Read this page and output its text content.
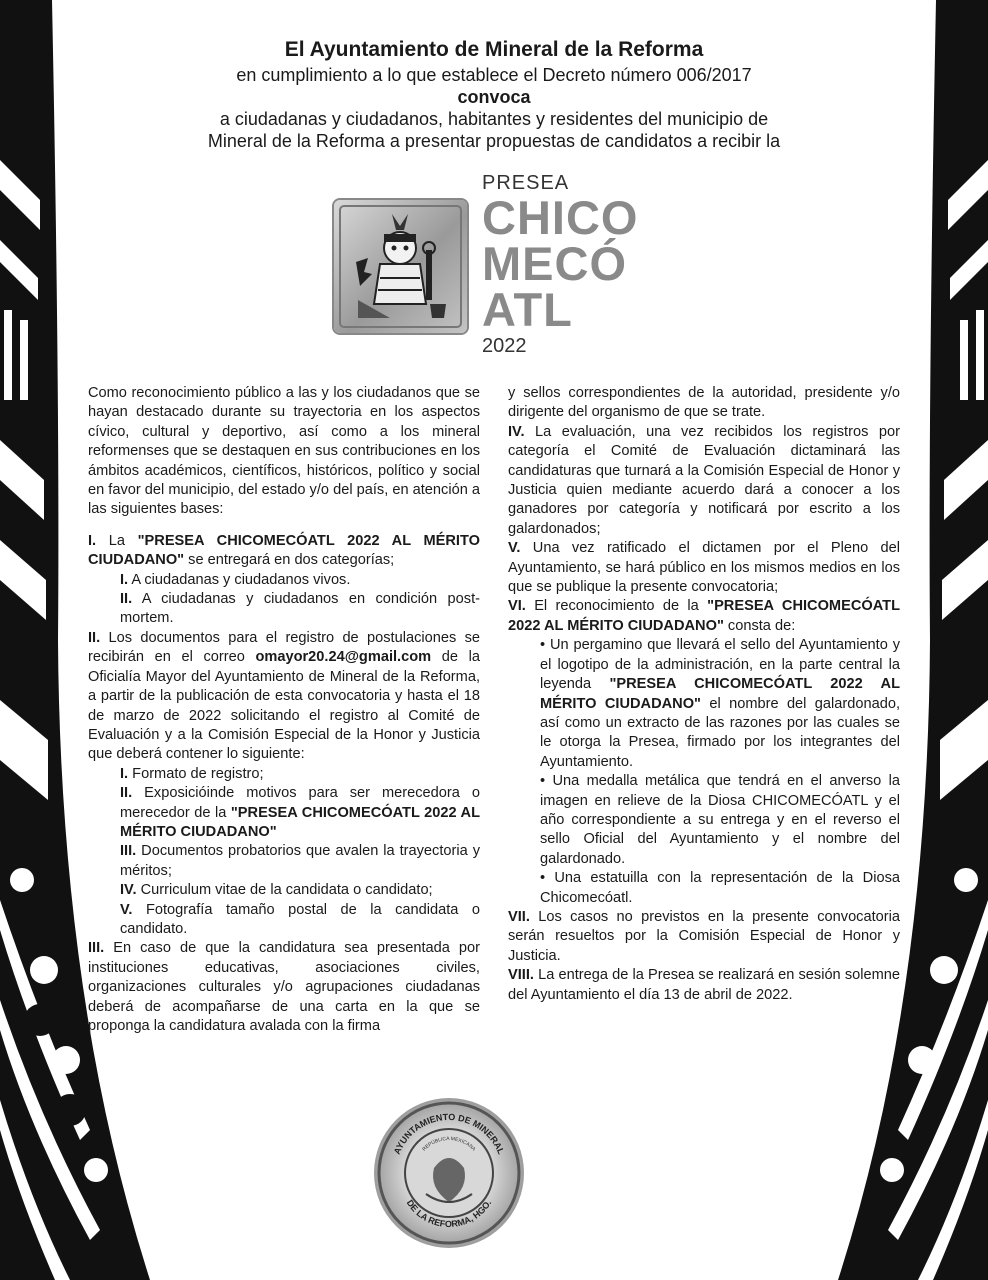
El Ayuntamiento de Mineral de la Reforma
en cumplimiento a lo que establece el Decreto número 006/2017
convoca
a ciudadanas y ciudadanos, habitantes y residentes del municipio de
Mineral de la Reforma a presentar propuestas de candidatos a recibir la
PRESEA
CHICO
MECÓ
ATL
2022

Como reconocimiento público a las y los ciudadanos que se hayan destacado durante su trayectoria en los aspectos cívico, cultural y deportivo, así como a los mineral reformenses que se destaquen en sus contribuciones en los ámbitos académicos, científicos, históricos, político y social en favor del municipio, del estado y/o del país, en atención a las siguientes bases:

I. La "PRESEA CHICOMECÓATL 2022 AL MÉRITO CIUDADANO" se entregará en dos categorías;

I. A ciudadanas y ciudadanos vivos.

II. A ciudadanas y ciudadanos en condición post-mortem.

II. Los documentos para el registro de postulaciones se recibirán en el correo omayor20.24@gmail.com de la Oficialía Mayor del Ayuntamiento de Mineral de la Reforma, a partir de la publicación de esta convocatoria y hasta el 18 de marzo de 2022 solicitando el registro al Comité de Evaluación y a la Comisión Especial de la Honor y Justicia que deberá contener lo siguiente:

I. Formato de registro;

II. Exposicióinde motivos para ser merecedora o merecedor de la "PRESEA CHICOMECÓATL 2022 AL MÉRITO CIUDADANO"

III. Documentos probatorios que avalen la trayectoria y méritos;

IV. Curriculum vitae de la candidata o candidato;

V. Fotografía tamaño postal de la candidata o candidato.

III. En caso de que la candidatura sea presentada por instituciones educativas, asociaciones civiles, organizaciones culturales y/o agrupaciones ciudadanas deberá de acompañarse de una carta en la que se proponga la candidatura avalada con la firma

y sellos correspondientes de la autoridad, presidente y/o dirigente del organismo de que se trate.

IV. La evaluación, una vez recibidos los registros por categoría el Comité de Evaluación dictaminará las candidaturas que turnará a la Comisión Especial de Honor y Justicia quien mediante acuerdo dará a conocer a los ganadores por categoría y notificará por escrito a los galardonados;

V. Una vez ratificado el dictamen por el Pleno del Ayuntamiento, se hará público en los mismos medios en los que se publique la presente convocatoria;

VI. El reconocimiento de la "PRESEA CHICOMECÓATL 2022 AL MÉRITO CIUDADANO" consta de:

• Un pergamino que llevará el sello del Ayuntamiento y el logotipo de la administración, en la parte central la leyenda "PRESEA CHICOMECÓATL 2022 AL MÉRITO CIUDADANO" el nombre del galardonado, así como un extracto de las razones por las cuales se le otorga la Presea, firmado por los integrantes del Ayuntamiento.

• Una medalla metálica que tendrá en el anverso la imagen en relieve de la Diosa CHICOMECÓATL y el año correspondiente a su entrega y en el reverso el sello Oficial del Ayuntamiento y el nombre del galardonado.

• Una estatuilla con la representación de la Diosa Chicomecóatl.

VII. Los casos no previstos en la presente convocatoria serán resueltos por la Comisión Especial de Honor y Justicia.

VIII. La entrega de la Presea se realizará en sesión solemne del Ayuntamiento el día 13 de abril de 2022.

AYUNTAMIENTO DE MINERAL
DE LA REFORMA, HGO.
REPÚBLICA MEXICANA
